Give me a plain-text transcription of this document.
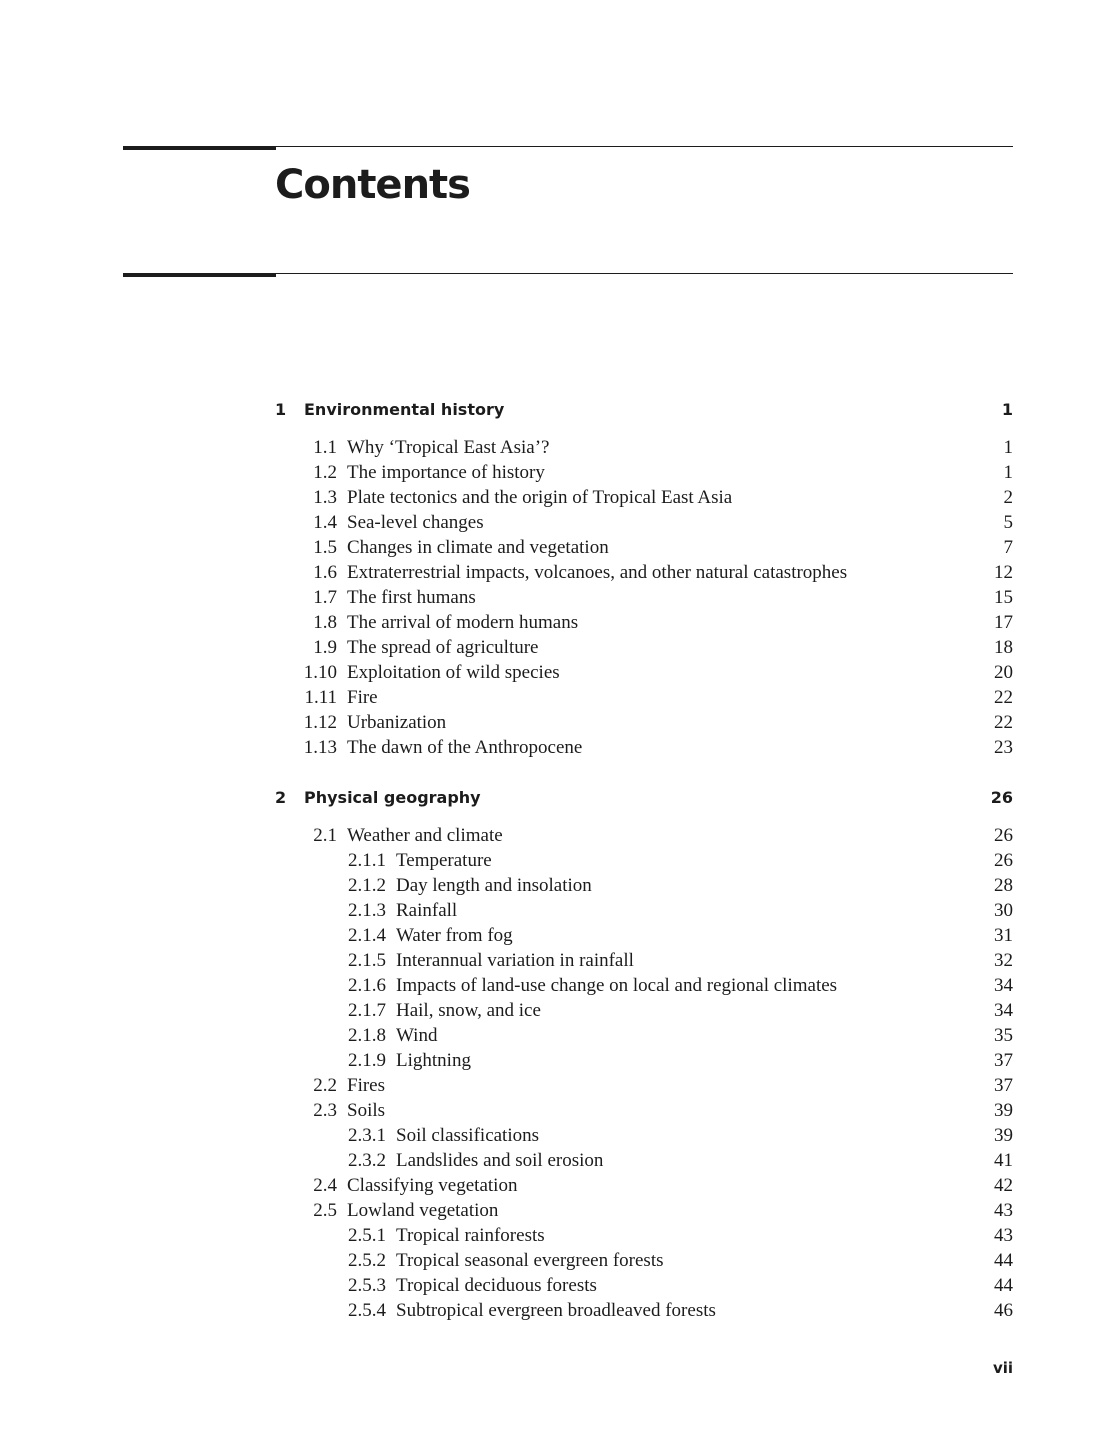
Contents
1 Environmental history	1
1.1 Why ‘Tropical East Asia’?	1
1.2 The importance of history	1
1.3 Plate tectonics and the origin of Tropical East Asia	2
1.4 Sea-level changes	5
1.5 Changes in climate and vegetation	7
1.6 Extraterrestrial impacts, volcanoes, and other natural catastrophes	12
1.7 The first humans	15
1.8 The arrival of modern humans	17
1.9 The spread of agriculture	18
1.10 Exploitation of wild species	20
1.11 Fire	22
1.12 Urbanization	22
1.13 The dawn of the Anthropocene	23
2 Physical geography	26
2.1 Weather and climate	26
2.1.1 Temperature	26
2.1.2 Day length and insolation	28
2.1.3 Rainfall	30
2.1.4 Water from fog	31
2.1.5 Interannual variation in rainfall	32
2.1.6 Impacts of land-use change on local and regional climates	34
2.1.7 Hail, snow, and ice	34
2.1.8 Wind	35
2.1.9 Lightning	37
2.2 Fires	37
2.3 Soils	39
2.3.1 Soil classifications	39
2.3.2 Landslides and soil erosion	41
2.4 Classifying vegetation	42
2.5 Lowland vegetation	43
2.5.1 Tropical rainforests	43
2.5.2 Tropical seasonal evergreen forests	44
2.5.3 Tropical deciduous forests	44
2.5.4 Subtropical evergreen broadleaved forests	46
vii
